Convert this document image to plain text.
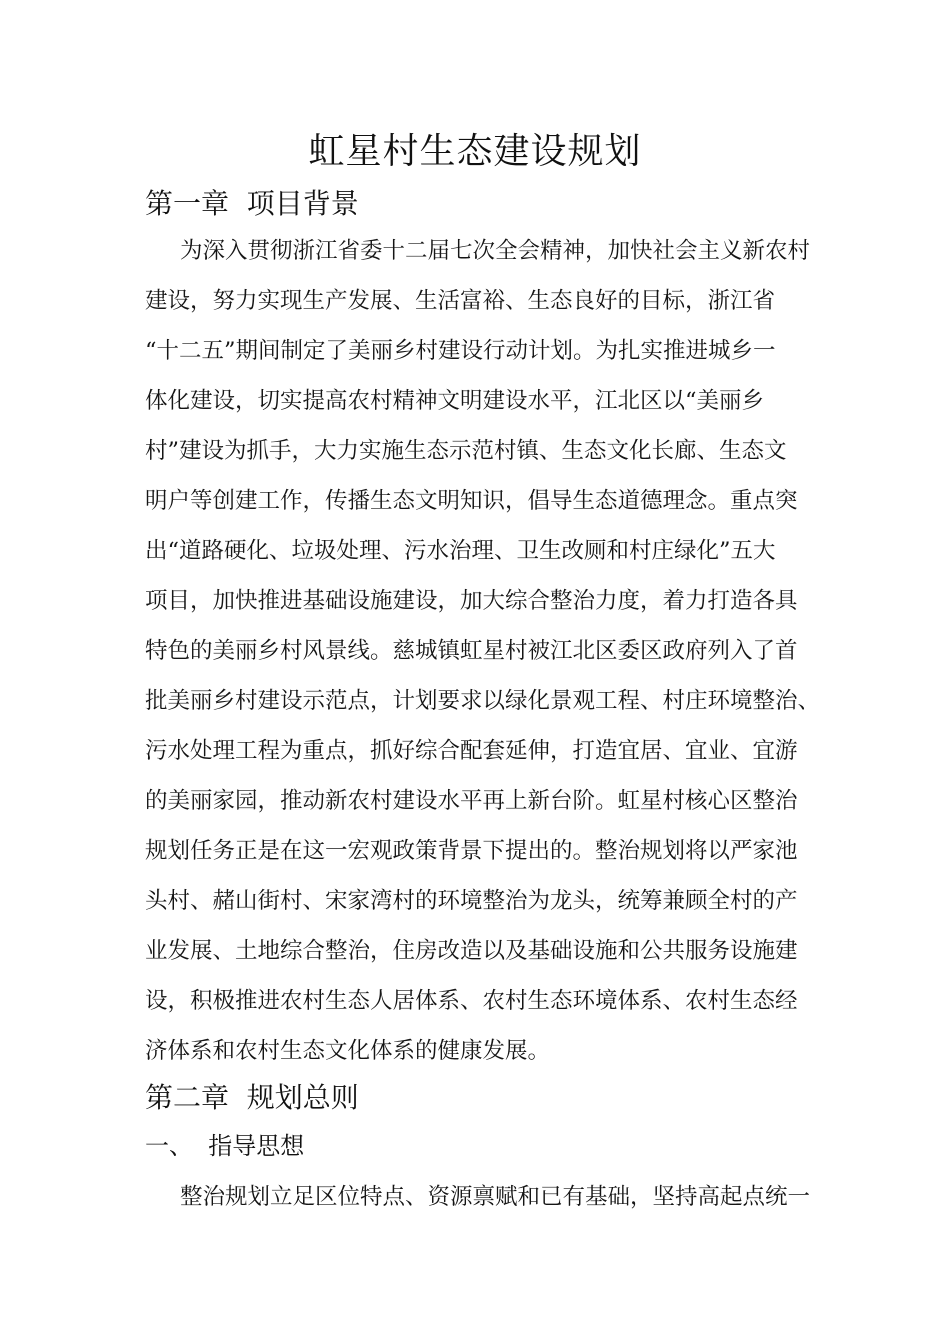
虹星村生态建设规划
第一章  项目背景
为深入贯彻浙江省委十二届七次全会精神，加快社会主义新农村
建设，努力实现生产发展、生活富裕、生态良好的目标，浙江省
“十二五”期间制定了美丽乡村建设行动计划。为扎实推进城乡一
体化建设，切实提高农村精神文明建设水平，江北区以“美丽乡
村”建设为抓手，大力实施生态示范村镇、生态文化长廊、生态文
明户等创建工作，传播生态文明知识，倡导生态道德理念。重点突
出“道路硬化、垃圾处理、污水治理、卫生改厕和村庄绿化”五大
项目，加快推进基础设施建设，加大综合整治力度，着力打造各具
特色的美丽乡村风景线。慈城镇虹星村被江北区委区政府列入了首
批美丽乡村建设示范点，计划要求以绿化景观工程、村庄环境整治、
污水处理工程为重点，抓好综合配套延伸，打造宜居、宜业、宜游
的美丽家园，推动新农村建设水平再上新台阶。虹星村核心区整治
规划任务正是在这一宏观政策背景下提出的。整治规划将以严家池
头村、赭山街村、宋家湾村的环境整治为龙头，统筹兼顾全村的产
业发展、土地综合整治，住房改造以及基础设施和公共服务设施建
设，积极推进农村生态人居体系、农村生态环境体系、农村生态经
济体系和农村生态文化体系的健康发展。
第二章  规划总则
一、  指导思想
整治规划立足区位特点、资源禀赋和已有基础，坚持高起点统一
